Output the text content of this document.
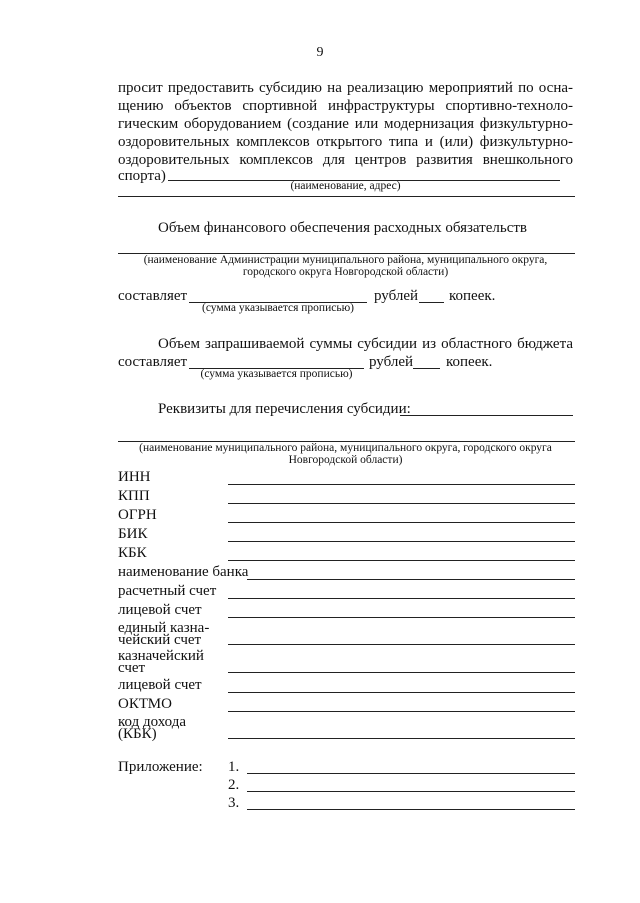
9
просит предоставить субсидию на реализацию мероприятий по осна-
щению объектов спортивной инфраструктуры спортивно-техноло-
гическим оборудованием (создание или модернизация физкультурно-
оздоровительных комплексов открытого типа и (или) физкультурно-
оздоровительных комплексов для центров развития внешкольного
спорта)
(наименование, адрес)
Объем финансового обеспечения расходных обязательств
(наименование Администрации муниципального района, муниципального округа,
городского округа Новгородской области)
составляет	рублей копеек.
(сумма указывается прописью)
Объем запрашиваемой суммы субсидии из областного бюджета
составляет	рублей копеек.
(сумма указывается прописью)
Реквизиты для перечисления субсидии:
(наименование муниципального района, муниципального округа, городского округа
Новгородской области)
ИНН
КПП
ОГРН
БИК
КБК
наименование банка
расчетный счет
лицевой счет
единый казна-
чейский счет
казначейский
счет
лицевой счет
ОКТМО
код дохода
(КБК)
Приложение: 1.
2.
3.
